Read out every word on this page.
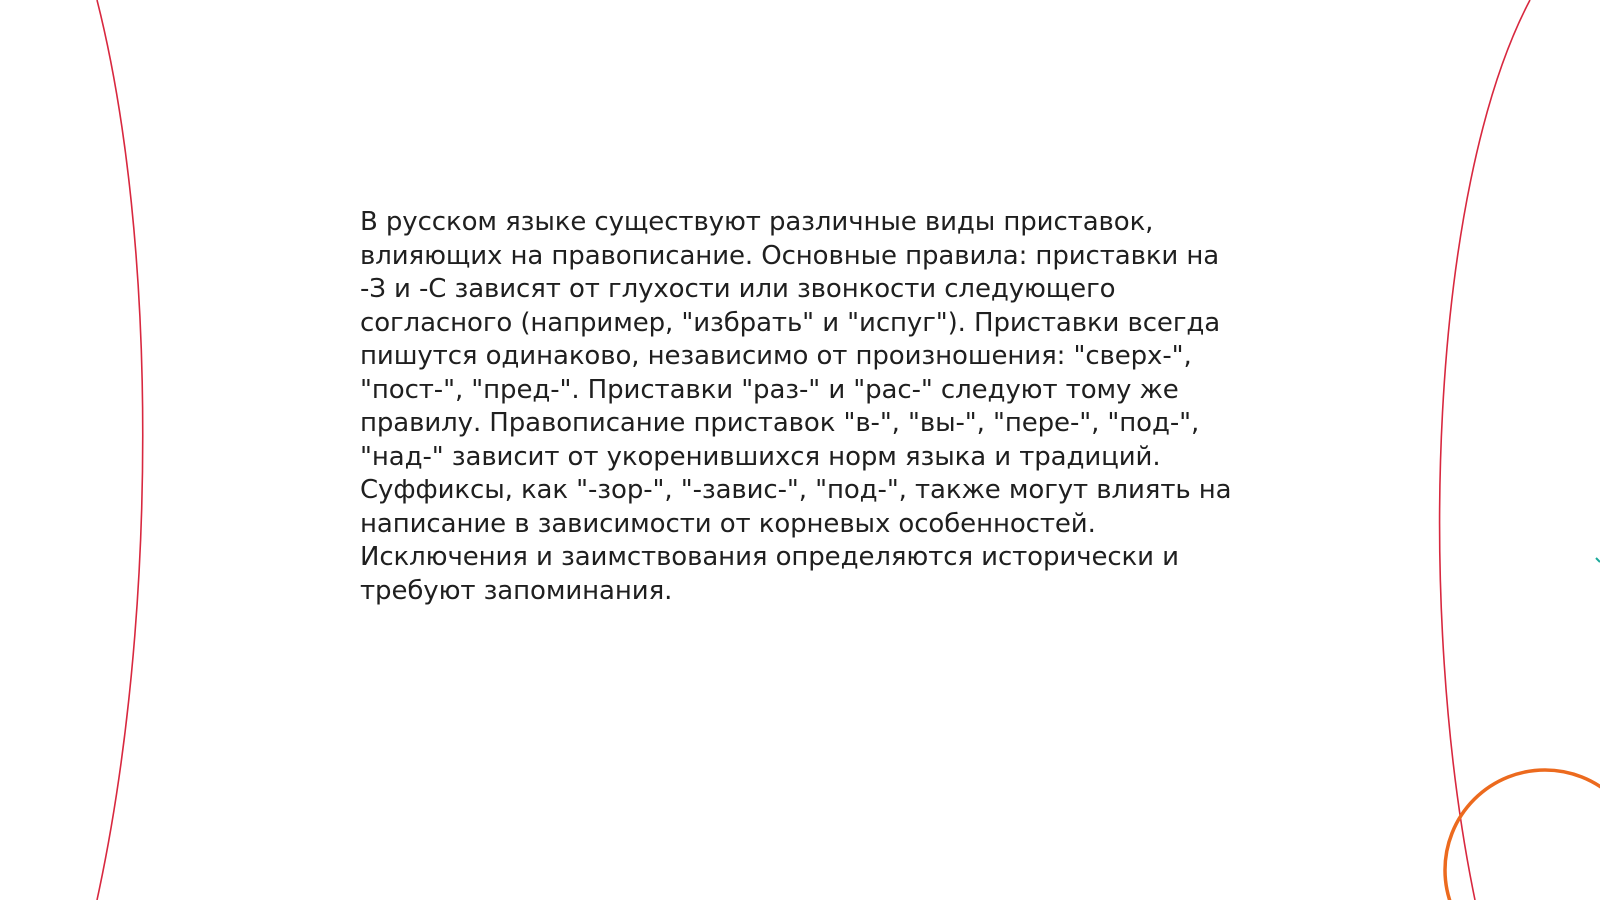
В русском языке существуют различные виды приставок,
влияющих на правописание. Основные правила: приставки на
-З и -С зависят от глухости или звонкости следующего
согласного (например, "избрать" и "испуг"). Приставки всегда
пишутся одинаково, независимо от произношения: "сверх-",
"пост-", "пред-". Приставки "раз-" и "рас-" следуют тому же
правилу. Правописание приставок "в-", "вы-", "пере-", "под-",
"над-" зависит от укоренившихся норм языка и традиций.
Суффиксы, как "-зор-", "-завис-", "под-", также могут влиять на
написание в зависимости от корневых особенностей.
Исключения и заимствования определяются исторически и
требуют запоминания.
